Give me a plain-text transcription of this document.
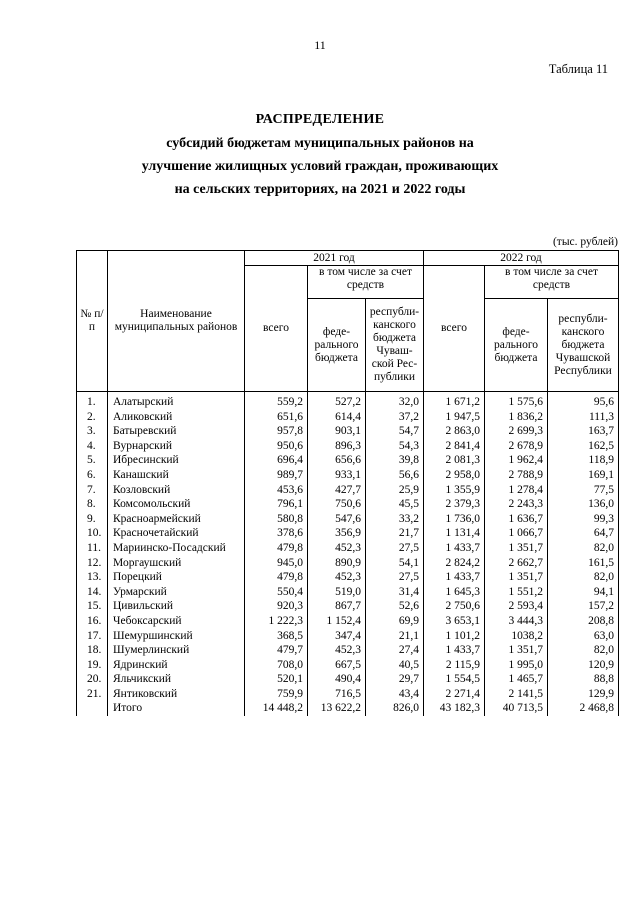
11
Таблица 11
РАСПРЕДЕЛЕНИЕ
субсидий бюджетам муниципальных районов на
улучшение жилищных условий граждан, проживающих
на сельских территориях, на 2021 и 2022 годы
(тыс. рублей)
№ п/п	Наименование муниципальных районов	2021 год			2022 год		
		всего	в том числе за счет средств		всего	в том числе за счет средств	
			феде-рального бюджета	республи-канского бюджета Чуваш-ской Рес-публики		феде-рального бюджета	республи-канского бюджета Чувашской Республики
1.	Алатырский	559,2	527,2	32,0	1 671,2	1 575,6	95,6
2.	Аликовский	651,6	614,4	37,2	1 947,5	1 836,2	111,3
3.	Батыревский	957,8	903,1	54,7	2 863,0	2 699,3	163,7
4.	Вурнарский	950,6	896,3	54,3	2 841,4	2 678,9	162,5
5.	Ибресинский	696,4	656,6	39,8	2 081,3	1 962,4	118,9
6.	Канашский	989,7	933,1	56,6	2 958,0	2 788,9	169,1
7.	Козловский	453,6	427,7	25,9	1 355,9	1 278,4	77,5
8.	Комсомольский	796,1	750,6	45,5	2 379,3	2 243,3	136,0
9.	Красноармейский	580,8	547,6	33,2	1 736,0	1 636,7	99,3
10.	Красночетайский	378,6	356,9	21,7	1 131,4	1 066,7	64,7
11.	Мариинско-Посадский	479,8	452,3	27,5	1 433,7	1 351,7	82,0
12.	Моргаушский	945,0	890,9	54,1	2 824,2	2 662,7	161,5
13.	Порецкий	479,8	452,3	27,5	1 433,7	1 351,7	82,0
14.	Урмарский	550,4	519,0	31,4	1 645,3	1 551,2	94,1
15.	Цивильский	920,3	867,7	52,6	2 750,6	2 593,4	157,2
16.	Чебоксарский	1 222,3	1 152,4	69,9	3 653,1	3 444,3	208,8
17.	Шемуршинский	368,5	347,4	21,1	1 101,2	1038,2	63,0
18.	Шумерлинский	479,7	452,3	27,4	1 433,7	1 351,7	82,0
19.	Ядринский	708,0	667,5	40,5	2 115,9	1 995,0	120,9
20.	Яльчикский	520,1	490,4	29,7	1 554,5	1 465,7	88,8
21.	Янтиковский	759,9	716,5	43,4	2 271,4	2 141,5	129,9
	Итого	14 448,2	13 622,2	826,0	43 182,3	40 713,5	2 468,8
